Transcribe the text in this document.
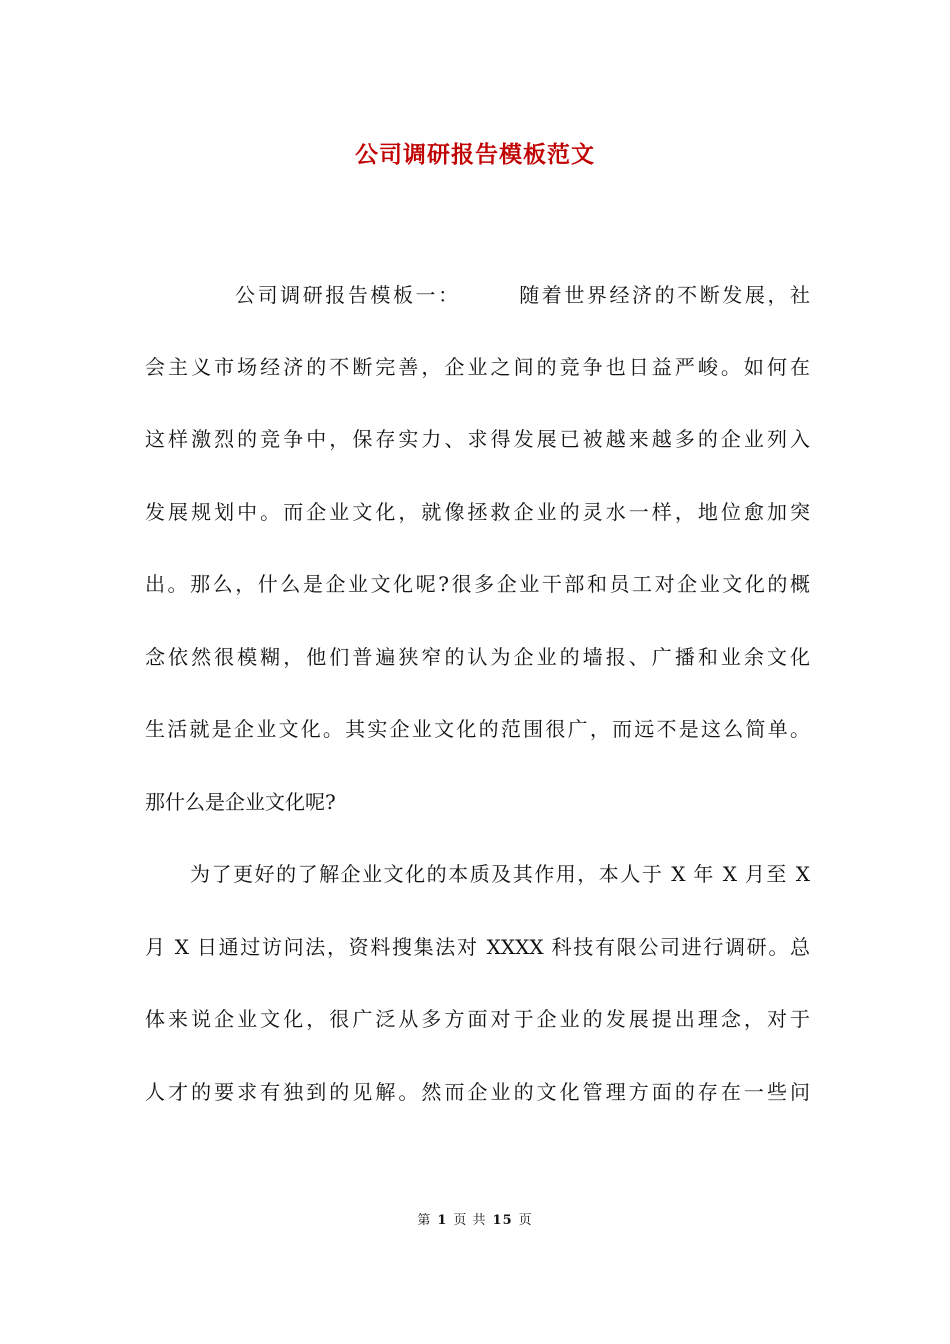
公司调研报告模板范文
公司调研报告模板一：	随着世界经济的不断发展，社
会主义市场经济的不断完善，企业之间的竞争也日益严峻。如何在
这样激烈的竞争中，保存实力、求得发展已被越来越多的企业列入
发展规划中。而企业文化，就像拯救企业的灵水一样，地位愈加突
出。那么，什么是企业文化呢?很多企业干部和员工对企业文化的概
念依然很模糊，他们普遍狭窄的认为企业的墙报、广播和业余文化
生活就是企业文化。其实企业文化的范围很广，而远不是这么简单。
那什么是企业文化呢?
为了更好的了解企业文化的本质及其作用，本人于 X 年 X 月至 X
月 X 日通过访问法，资料搜集法对 XXXX 科技有限公司进行调研。总
体来说企业文化，很广泛从多方面对于企业的发展提出理念，对于
人才的要求有独到的见解。然而企业的文化管理方面的存在一些问
第 1 页 共 15 页
